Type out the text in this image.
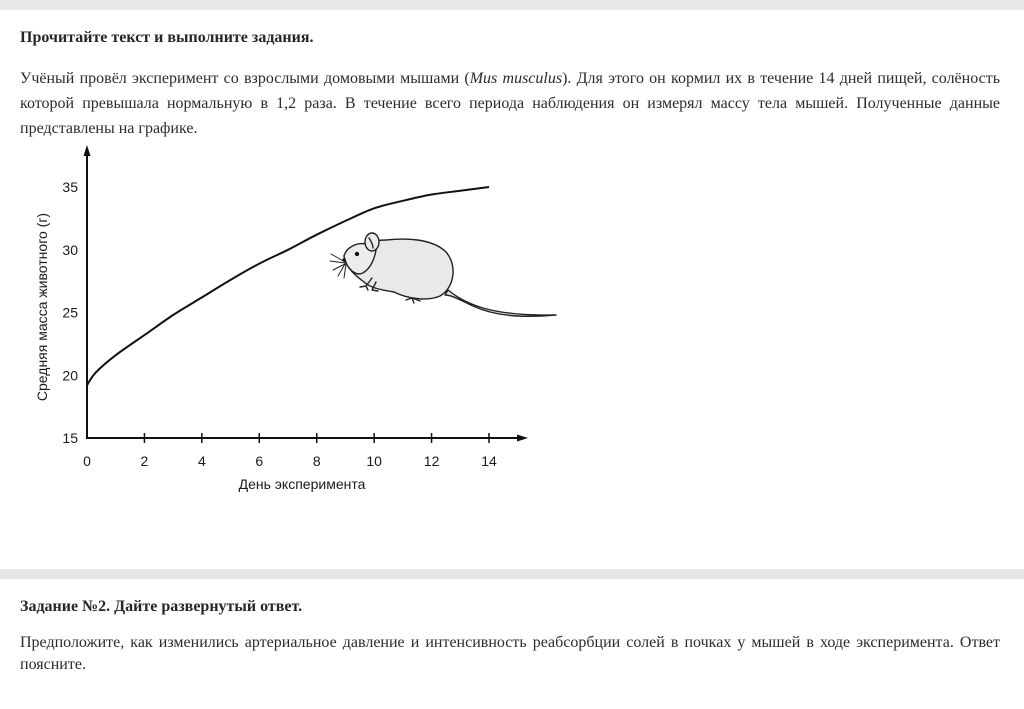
Прочитайте текст и выполните задания.

Учёный провёл эксперимент со взрослыми домовыми мышами (Mus musculus). Для этого он кормил их в течение 14 дней пищей, солёность которой превышала нормальную в 1,2 раза. В течение всего периода наблюдения он измерял массу тела мышей. Полученные данные представлены на графике.

0	2	4	6	8	10	12	14
15
20
25
30
35
День эксперимента
Средняя масса животного (г)
Задание №2. Дайте развернутый ответ.

Предположите, как изменились артериальное давление и интенсивность реабсорбции солей в почках у мышей в ходе эксперимента. Ответ поясните.
